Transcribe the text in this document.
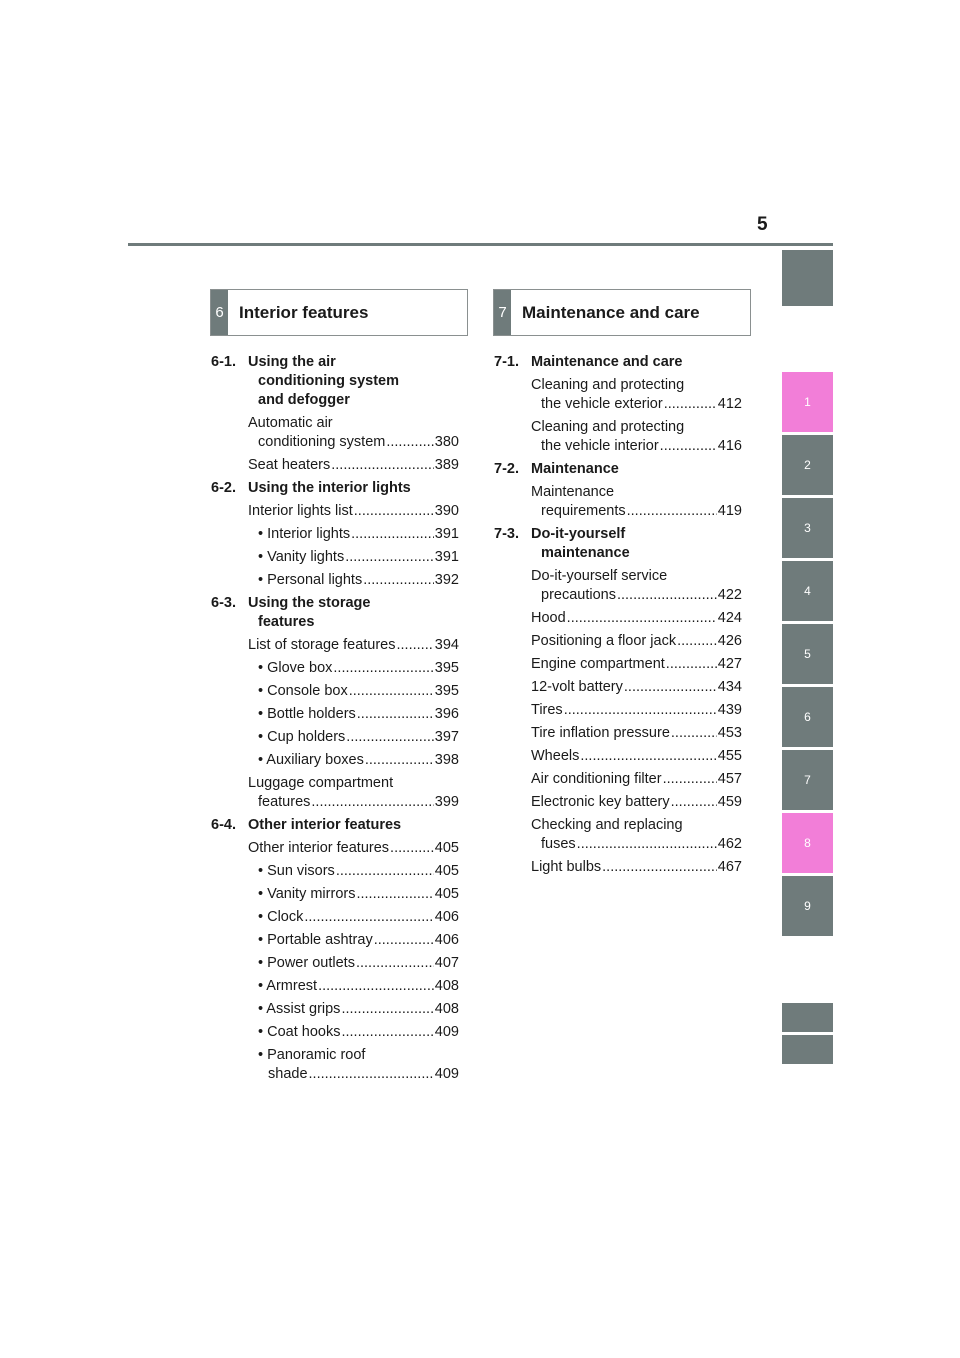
5
1
2
3
4
5
6
7
8
9
6 Interior features	7 Maintenance and care
6-1. Using the air
conditioning system
and defogger
Automatic air
conditioning system .....	380
Seat heaters .....	389
6-2. Using the interior lights
Interior lights list .....	390
• Interior lights .....	391
• Vanity lights .....	391
• Personal lights .....	392
6-3. Using the storage
features
List of storage features .....	394
• Glove box .....	395
• Console box .....	395
• Bottle holders .....	396
• Cup holders .....	397
• Auxiliary boxes .....	398
Luggage compartment
features .....	399
6-4. Other interior features
Other interior features .....	405
• Sun visors .....	405
• Vanity mirrors .....	405
• Clock .....	406
• Portable ashtray .....	406
• Power outlets .....	407
• Armrest .....	408
• Assist grips .....	408
• Coat hooks .....	409
• Panoramic roof
shade .....	409
7-1. Maintenance and care
Cleaning and protecting
the vehicle exterior .....	412
Cleaning and protecting
the vehicle interior .....	416
7-2. Maintenance
Maintenance
requirements .....	419
7-3. Do-it-yourself
maintenance
Do-it-yourself service
precautions .....	422
Hood .....	424
Positioning a floor jack .....	426
Engine compartment .....	427
12-volt battery .....	434
Tires .....	439
Tire inflation pressure .....	453
Wheels .....	455
Air conditioning filter .....	457
Electronic key battery .....	459
Checking and replacing
fuses .....	462
Light bulbs .....	467
